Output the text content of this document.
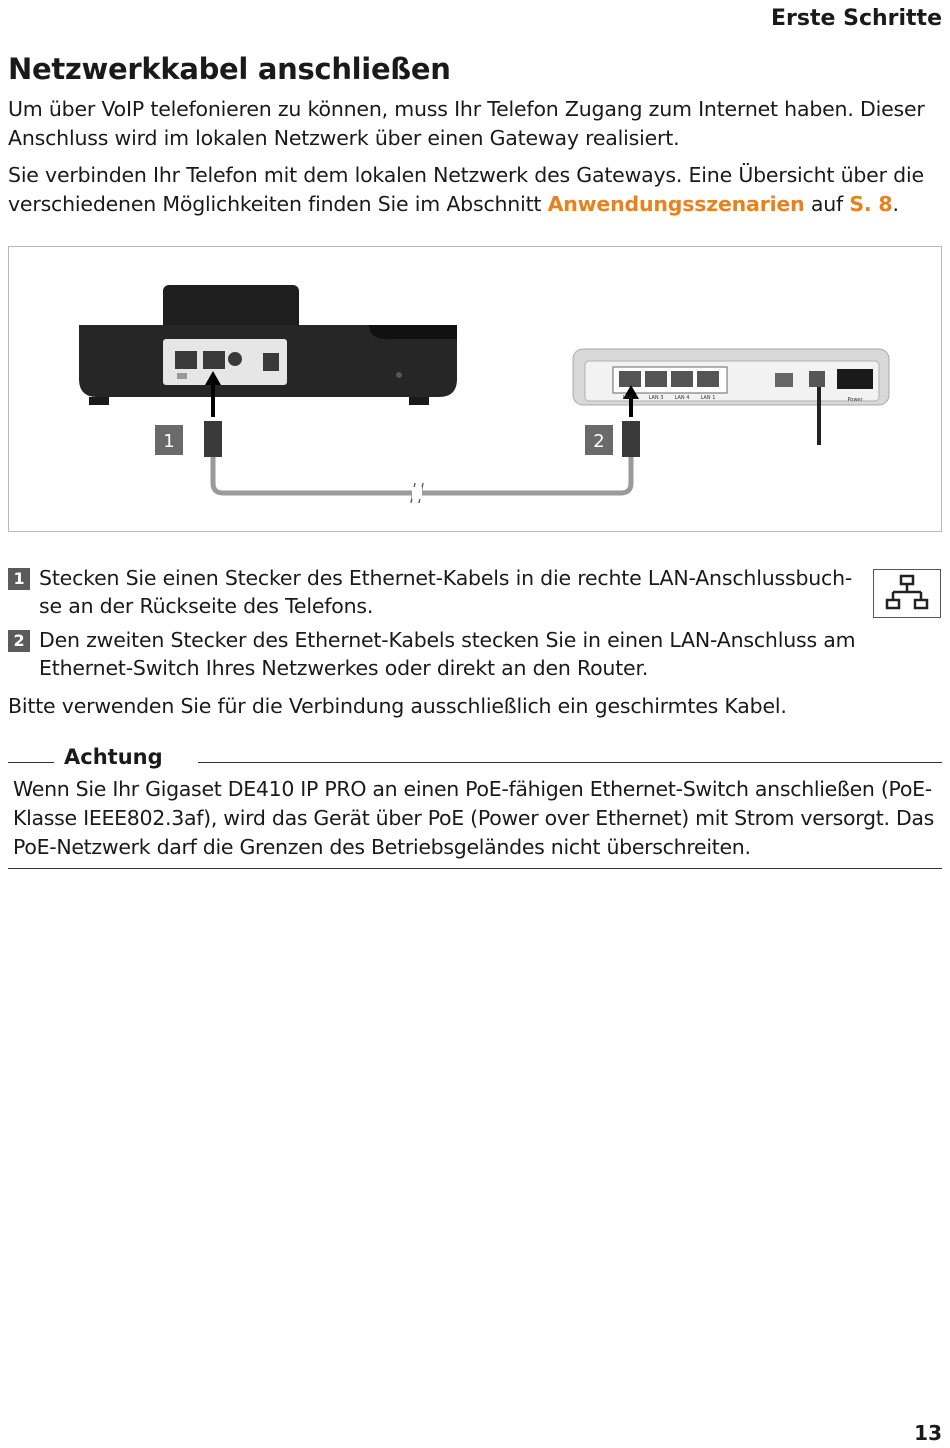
Erste Schritte
Netzwerkkabel anschließen

Um über VoIP telefonieren zu können, muss Ihr Telefon Zugang zum Internet haben. Dieser Anschluss wird im lokalen Netzwerk über einen Gateway realisiert.

Sie verbinden Ihr Telefon mit dem lokalen Netzwerk des Gateways. Eine Übersicht über die verschiedenen Möglichkeiten finden Sie im Abschnitt Anwendungsszenarien auf S. 8.

1	2
LAN 2 LAN 3 LAN 4 LAN 1	Power
1 Stecken Sie einen Stecker des Ethernet-Kabels in die rechte LAN-Anschlussbuch-se an der Rückseite des Telefons.
2 Den zweiten Stecker des Ethernet-Kabels stecken Sie in einen LAN-Anschluss am Ethernet-Switch Ihres Netzwerkes oder direkt an den Router.
Bitte verwenden Sie für die Verbindung ausschließlich ein geschirmtes Kabel.
Achtung

Wenn Sie Ihr Gigaset DE410 IP PRO an einen PoE-fähigen Ethernet-Switch anschließen (PoE-Klasse IEEE802.3af), wird das Gerät über PoE (Power over Ethernet) mit Strom versorgt. Das PoE-Netzwerk darf die Grenzen des Betriebsgeländes nicht überschreiten.

13
